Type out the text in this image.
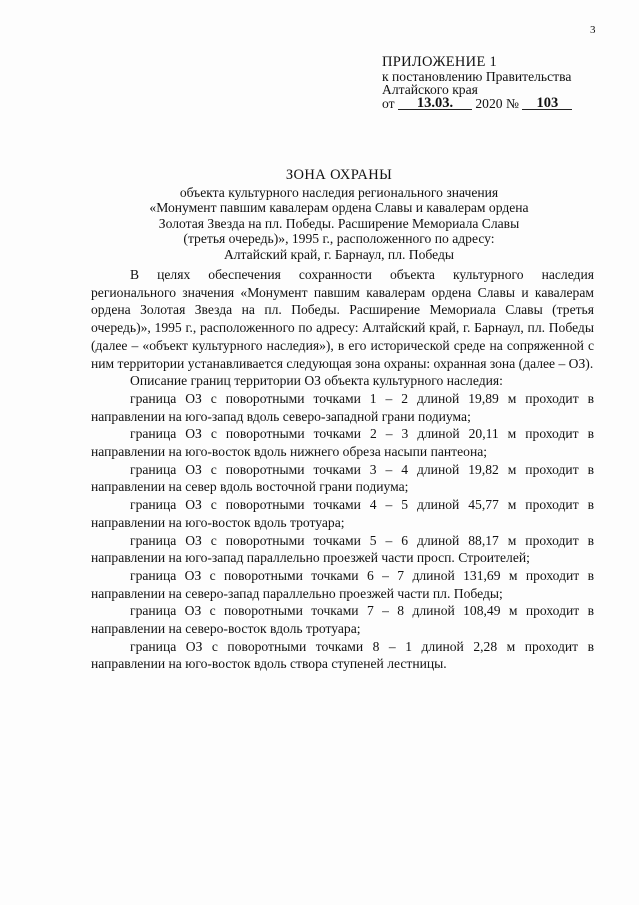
3
ПРИЛОЖЕНИЕ 1
к постановлению Правительства
Алтайского края
от 13.03. 2020 № 103
ЗОНА ОХРАНЫ
объекта культурного наследия регионального значения
«Монумент павшим кавалерам ордена Славы и кавалерам ордена
Золотая Звезда на пл. Победы. Расширение Мемориала Славы
(третья очередь)», 1995 г., расположенного по адресу:
Алтайский край, г. Барнаул, пл. Победы

В целях обеспечения сохранности объекта культурного наследия регионального значения «Монумент павшим кавалерам ордена Славы и кавалерам ордена Золотая Звезда на пл. Победы. Расширение Мемориала Славы (третья очередь)», 1995 г., расположенного по адресу: Алтайский край, г. Барнаул, пл. Победы (далее – «объект культурного наследия»), в его исторической среде на сопряженной с ним территории устанавливается следующая зона охраны: охранная зона (далее – ОЗ).

Описание границ территории ОЗ объекта культурного наследия:

граница ОЗ с поворотными точками 1 – 2 длиной 19,89 м проходит в направлении на юго-запад вдоль северо-западной грани подиума;

граница ОЗ с поворотными точками 2 – 3 длиной 20,11 м проходит в направлении на юго-восток вдоль нижнего обреза насыпи пантеона;

граница ОЗ с поворотными точками 3 – 4 длиной 19,82 м проходит в направлении на север вдоль восточной грани подиума;

граница ОЗ с поворотными точками 4 – 5 длиной 45,77 м проходит в направлении на юго-восток вдоль тротуара;

граница ОЗ с поворотными точками 5 – 6 длиной 88,17 м проходит в направлении на юго-запад параллельно проезжей части просп. Строителей;

граница ОЗ с поворотными точками 6 – 7 длиной 131,69 м проходит в направлении на северо-запад параллельно проезжей части пл. Победы;

граница ОЗ с поворотными точками 7 – 8 длиной 108,49 м проходит в направлении на северо-восток вдоль тротуара;

граница ОЗ с поворотными точками 8 – 1 длиной 2,28 м проходит в направлении на юго-восток вдоль створа ступеней лестницы.
